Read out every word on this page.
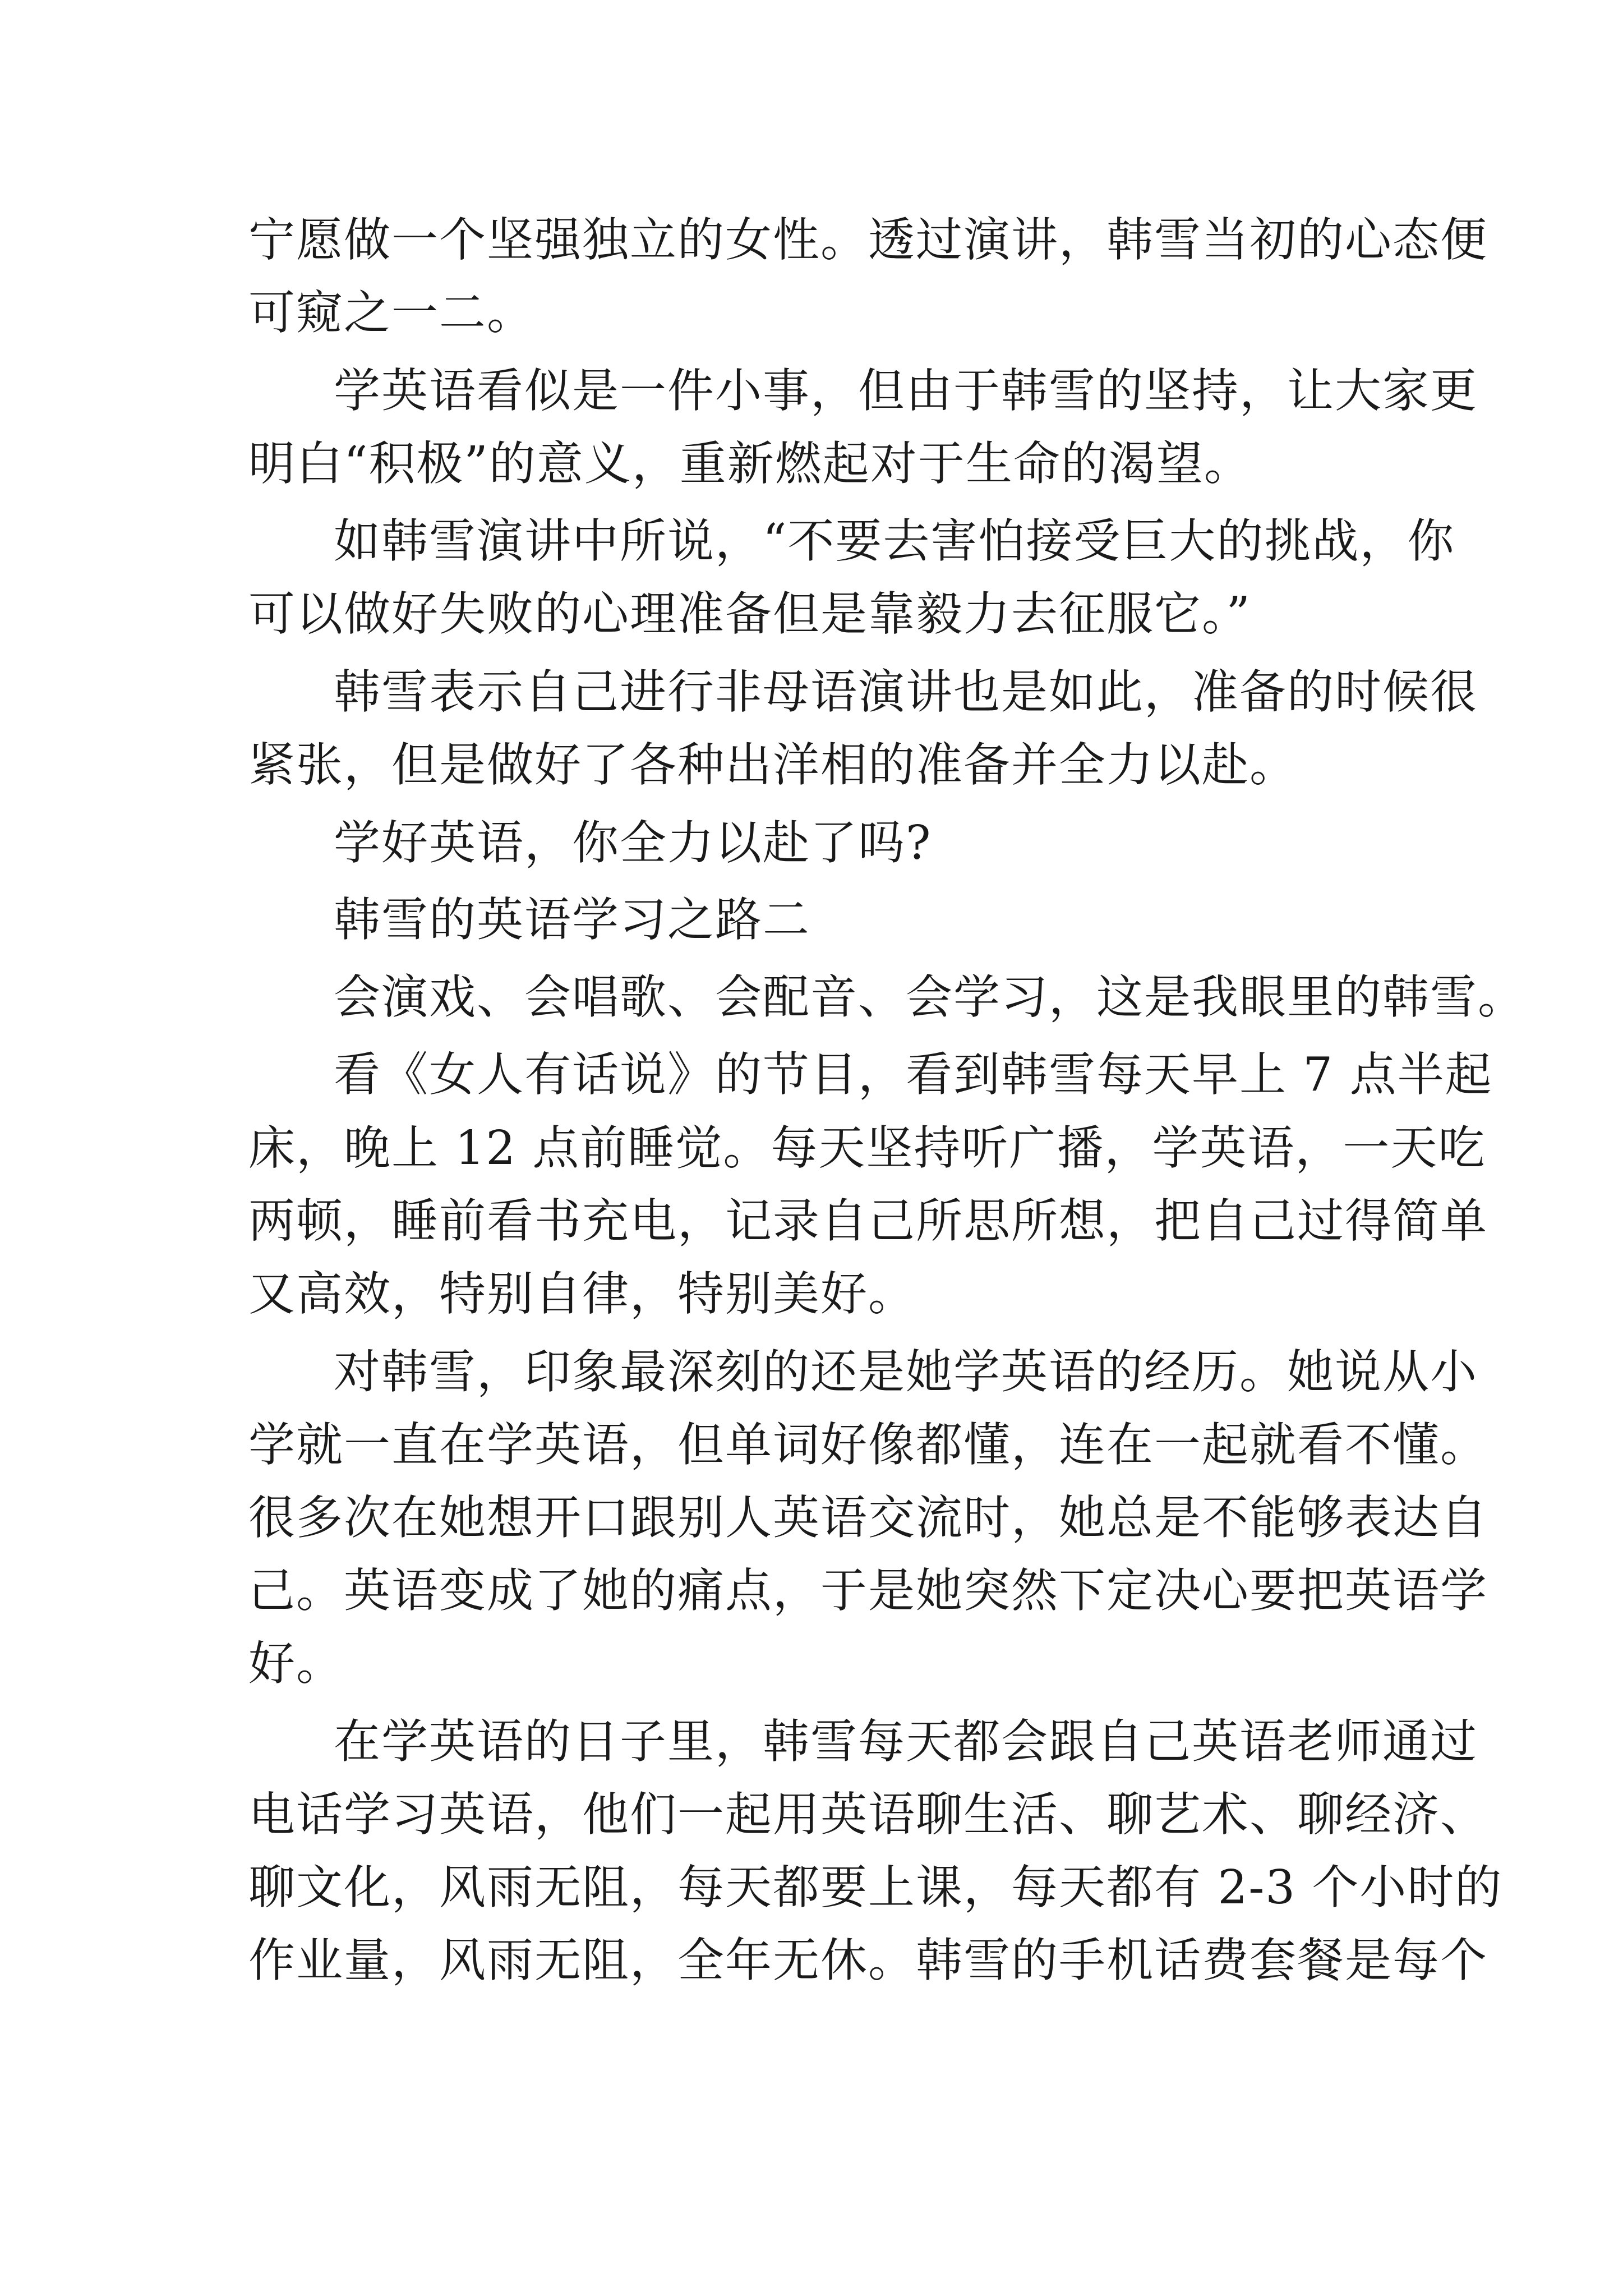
宁愿做一个坚强独立的女性。透过演讲，韩雪当初的心态便
可窥之一二。
学英语看似是一件小事，但由于韩雪的坚持，让大家更
明白“积极”的意义，重新燃起对于生命的渴望。
如韩雪演讲中所说，“不要去害怕接受巨大的挑战，你
可以做好失败的心理准备但是靠毅力去征服它。”
韩雪表示自己进行非母语演讲也是如此，准备的时候很
紧张，但是做好了各种出洋相的准备并全力以赴。
学好英语，你全力以赴了吗?
韩雪的英语学习之路二
会演戏、会唱歌、会配音、会学习，这是我眼里的韩雪。
看《女人有话说》的节目，看到韩雪每天早上 7 点半起
床，晚上 12 点前睡觉。每天坚持听广播，学英语，一天吃
两顿，睡前看书充电，记录自己所思所想，把自己过得简单
又高效，特别自律，特别美好。
对韩雪，印象最深刻的还是她学英语的经历。她说从小
学就一直在学英语，但单词好像都懂，连在一起就看不懂。
很多次在她想开口跟别人英语交流时，她总是不能够表达自
己。英语变成了她的痛点，于是她突然下定决心要把英语学
好。
在学英语的日子里，韩雪每天都会跟自己英语老师通过
电话学习英语，他们一起用英语聊生活、聊艺术、聊经济、
聊文化，风雨无阻，每天都要上课，每天都有 2-3 个小时的
作业量，风雨无阻，全年无休。韩雪的手机话费套餐是每个
